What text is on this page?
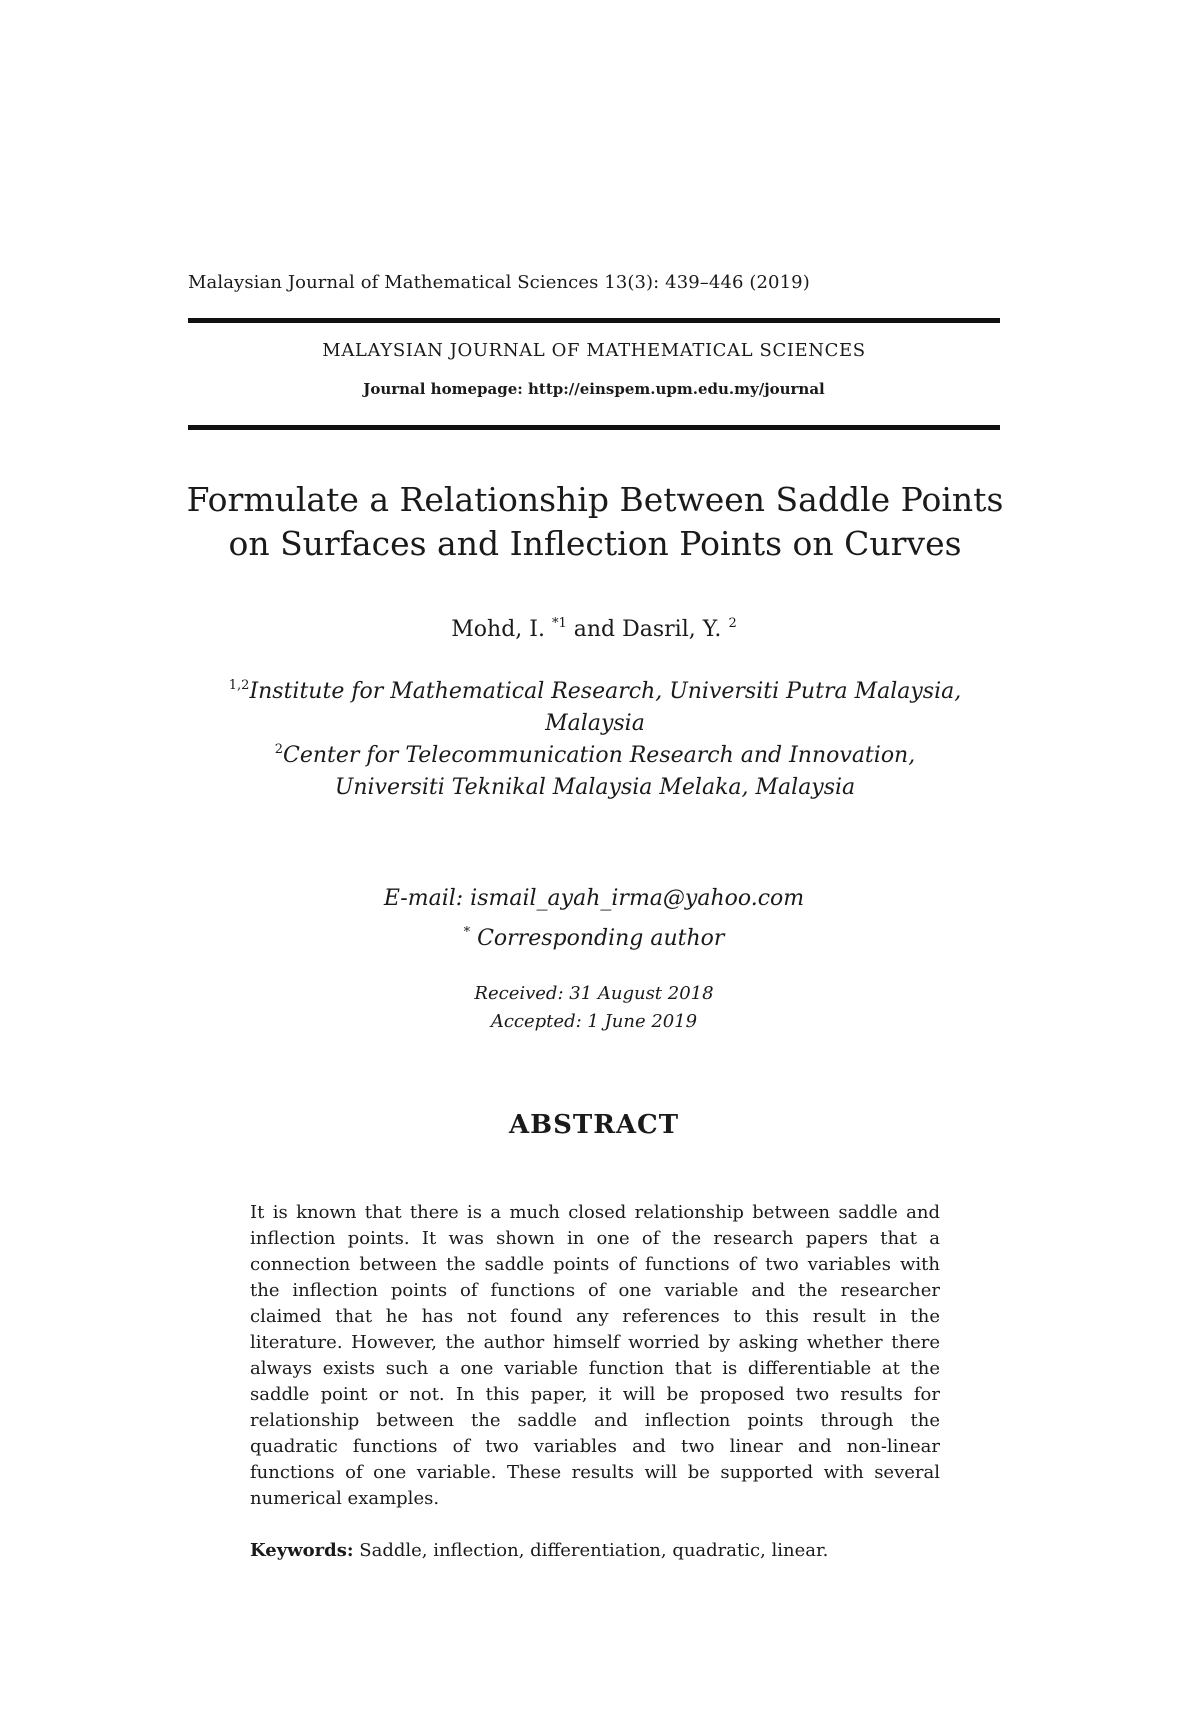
Malaysian Journal of Mathematical Sciences 13(3): 439–446 (2019)
MALAYSIAN JOURNAL OF MATHEMATICAL SCIENCES
Journal homepage: http://einspem.upm.edu.my/journal
Formulate a Relationship Between Saddle Points
on Surfaces and Inflection Points on Curves
Mohd, I. $^{*1}$ and Dasril, Y. $^2$
$^{1,2}$Institute for Mathematical Research, Universiti Putra Malaysia,
Malaysia
$^2$Center for Telecommunication Research and Innovation,
Universiti Teknikal Malaysia Melaka, Malaysia
E-mail: ismail_ayah_irma@yahoo.com
* Corresponding author
Received: 31 August 2018
Accepted: 1 June 2019
ABSTRACT
It is known that there is a much closed relationship between saddle and inflection points. It was shown in one of the research papers that a connection between the saddle points of functions of two variables with the inflection points of functions of one variable and the researcher claimed that he has not found any references to this result in the literature. However, the author himself worried by asking whether there always exists such a one variable function that is differentiable at the saddle point or not. In this paper, it will be proposed two results for relationship between the saddle and inflection points through the quadratic functions of two variables and two linear and non-linear functions of one variable. These results will be supported with several numerical examples.
Keywords: Saddle, inflection, differentiation, quadratic, linear.
